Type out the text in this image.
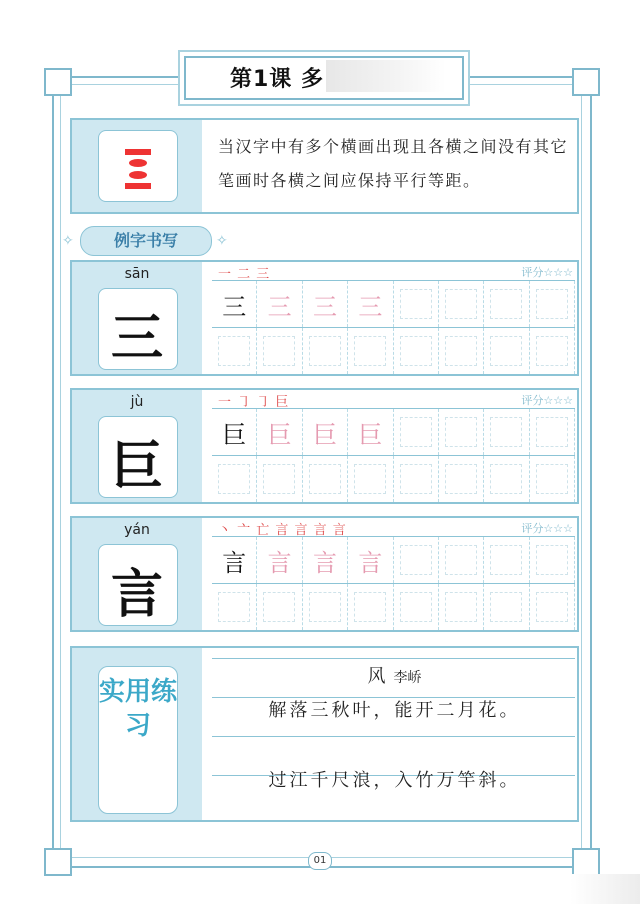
第1课 多
当汉字中有多个横画出现且各横之间没有其它笔画时各横之间应保持平行等距。
✧	例字书写	✧
sān
三
一 二 三	评分☆☆☆
三 三 三 三
jù
巨
一 ㇆ ㇆ 巨	评分☆☆☆
巨 巨 巨 巨
yán
言
丶 亠 亡 言 言 言 言	评分☆☆☆
言 言 言 言
实用练习
风 李峤
解落三秋叶，能开二月花。
过江千尺浪，入竹万竿斜。
01
